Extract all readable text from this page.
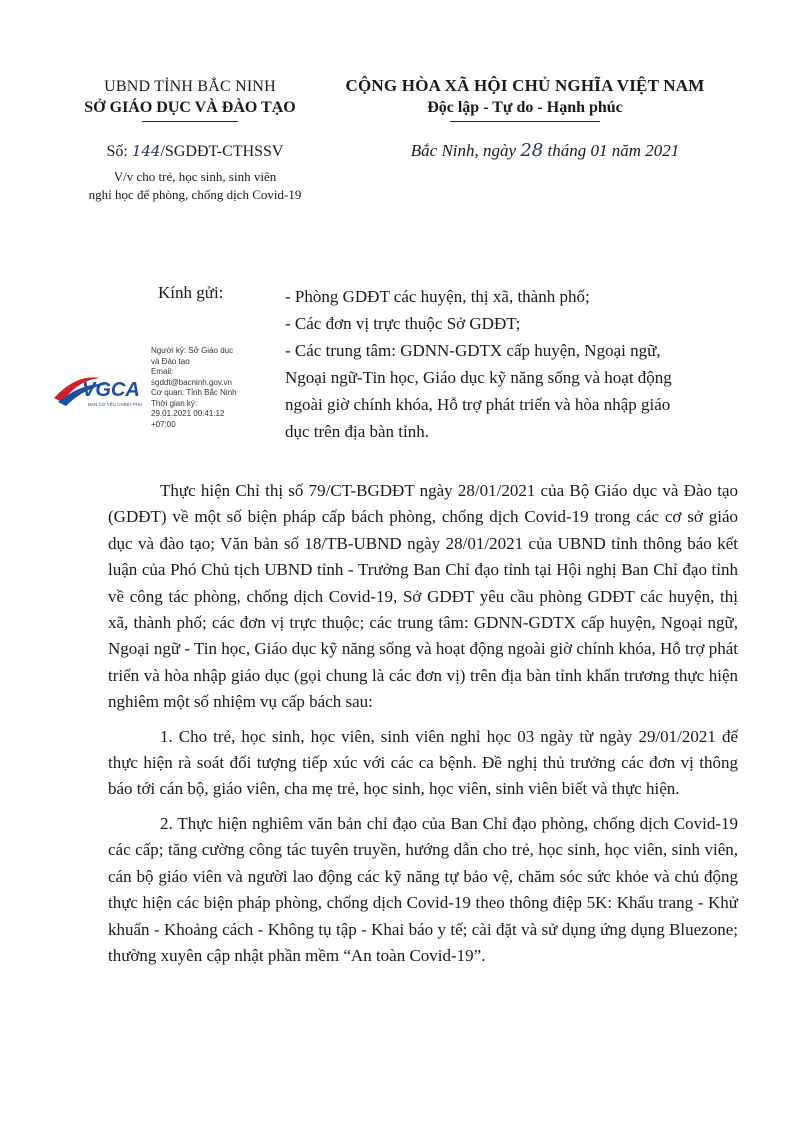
UBND TỈNH BẮC NINH
SỞ GIÁO DỤC VÀ ĐÀO TẠO
CỘNG HÒA XÃ HỘI CHỦ NGHĨA VIỆT NAM
Độc lập - Tự do - Hạnh phúc
Số: 144/SGDĐT-CTHSSV
V/v cho trẻ, học sinh, sinh viên
nghỉ học để phòng, chống dịch Covid-19
Bắc Ninh, ngày 28 tháng 01 năm 2021
Kính gửi:	- Phòng GDĐT các huyện, thị xã, thành phố;
- Các đơn vị trực thuộc Sở GDĐT;
- Các trung tâm: GDNN-GDTX cấp huyện, Ngoại ngữ,
Ngoại ngữ-Tin học, Giáo dục kỹ năng sống và hoạt động
ngoài giờ chính khóa, Hỗ trợ phát triển và hòa nhập giáo
dục trên địa bàn tỉnh.
VGCA
BAN CƠ YẾU CHÍNH PHỦ
Người ký: Sở Giáo dục
và Đào tạo
Email:
sgddt@bacninh.gov.vn
Cơ quan: Tỉnh Bắc Ninh
Thời gian ký:
29.01.2021 00:41:12
+07:00

Thực hiện Chỉ thị số 79/CT-BGDĐT ngày 28/01/2021 của Bộ Giáo dục và Đào tạo (GDĐT) về một số biện pháp cấp bách phòng, chống dịch Covid-19 trong các cơ sở giáo dục và đào tạo; Văn bản số 18/TB-UBND ngày 28/01/2021 của UBND tỉnh thông báo kết luận của Phó Chủ tịch UBND tỉnh - Trưởng Ban Chỉ đạo tỉnh tại Hội nghị Ban Chỉ đạo tỉnh về công tác phòng, chống dịch Covid-19, Sở GDĐT yêu cầu phòng GDĐT các huyện, thị xã, thành phố; các đơn vị trực thuộc; các trung tâm: GDNN-GDTX cấp huyện, Ngoại ngữ, Ngoại ngữ - Tin học, Giáo dục kỹ năng sống và hoạt động ngoài giờ chính khóa, Hỗ trợ phát triển và hòa nhập giáo dục (gọi chung là các đơn vị) trên địa bàn tỉnh khẩn trương thực hiện nghiêm một số nhiệm vụ cấp bách sau:

1. Cho trẻ, học sinh, học viên, sinh viên nghỉ học 03 ngày từ ngày 29/01/2021 để thực hiện rà soát đối tượng tiếp xúc với các ca bệnh. Đề nghị thủ trưởng các đơn vị thông báo tới cán bộ, giáo viên, cha mẹ trẻ, học sinh, học viên, sinh viên biết và thực hiện.

2. Thực hiện nghiêm văn bản chỉ đạo của Ban Chỉ đạo phòng, chống dịch Covid-19 các cấp; tăng cường công tác tuyên truyền, hướng dẫn cho trẻ, học sinh, học viên, sinh viên, cán bộ giáo viên và người lao động các kỹ năng tự bảo vệ, chăm sóc sức khỏe và chủ động thực hiện các biện pháp phòng, chống dịch Covid-19 theo thông điệp 5K: Khẩu trang - Khử khuẩn - Khoảng cách - Không tụ tập - Khai báo y tế; cài đặt và sử dụng ứng dụng Bluezone; thường xuyên cập nhật phần mềm “An toàn Covid-19”.
